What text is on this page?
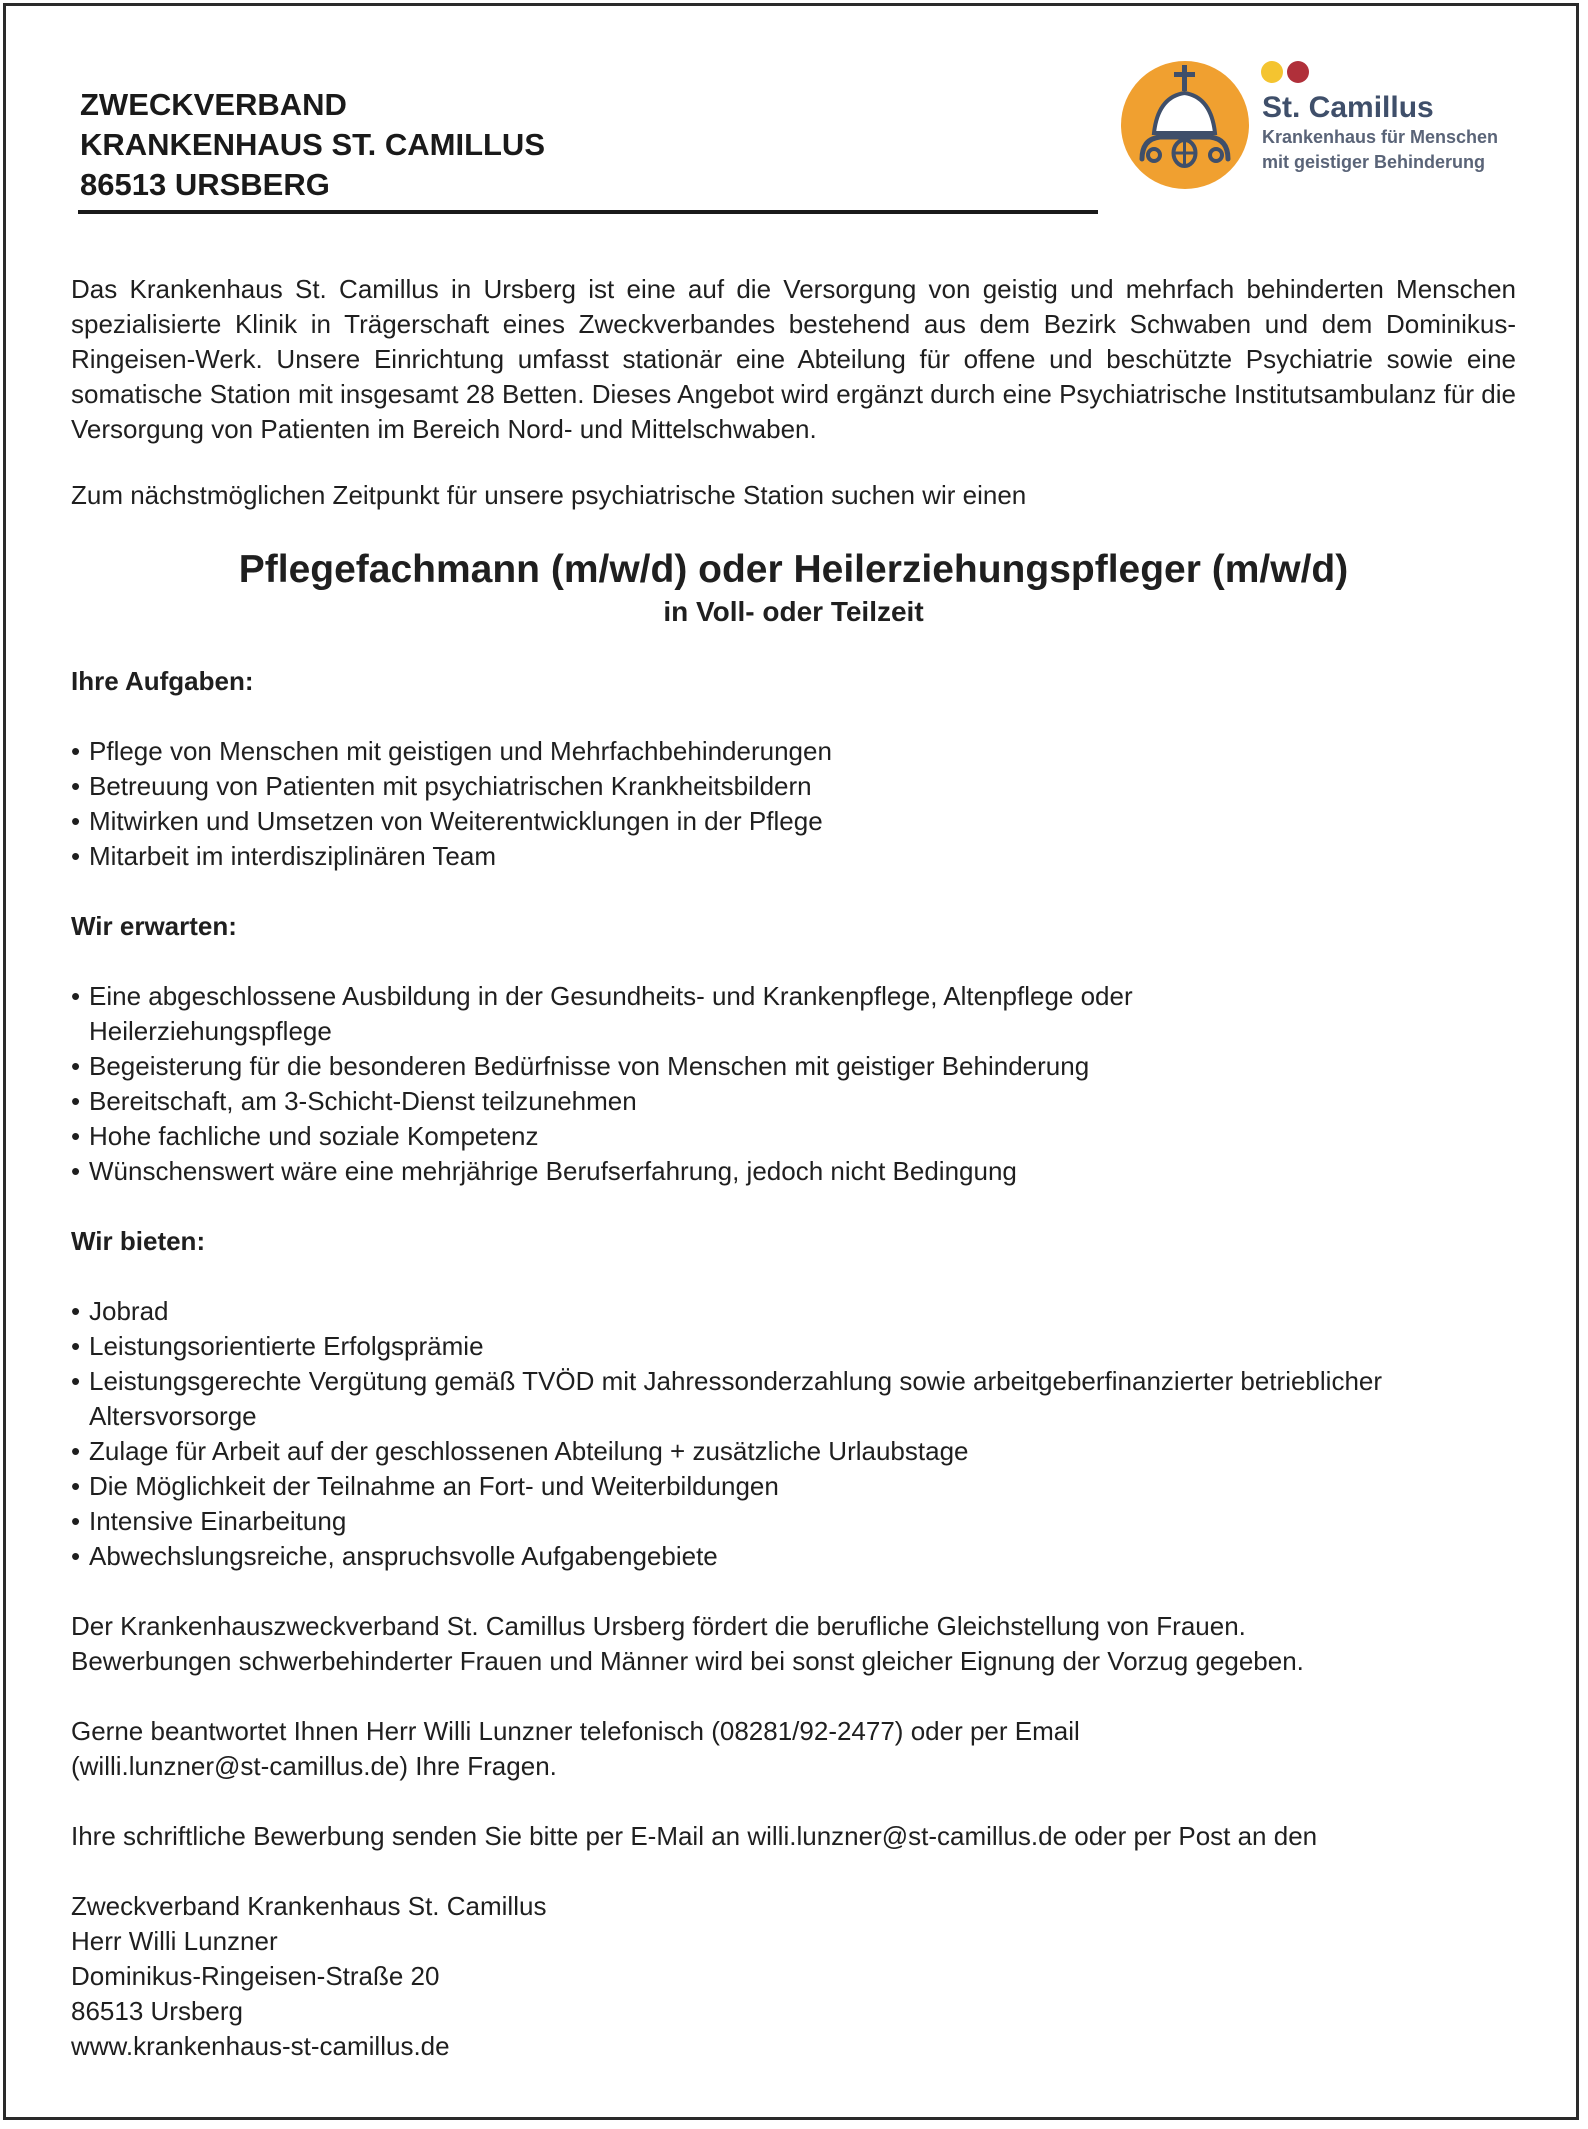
ZWECKVERBAND
KRANKENHAUS ST. CAMILLUS
86513 URSBERG
St. Camillus
Krankenhaus für Menschen
mit geistiger Behinderung

Das Krankenhaus St. Camillus in Ursberg ist eine auf die Versorgung von geistig und mehrfach behinderten Menschen spezialisierte Klinik in Trägerschaft eines Zweckverbandes bestehend aus dem Bezirk Schwaben und dem Dominikus-Ringeisen-Werk. Unsere Einrichtung umfasst stationär eine Abteilung für offene und beschützte Psychiatrie sowie eine somatische Station mit insgesamt 28 Betten. Dieses Angebot wird ergänzt durch eine Psychiatrische Institutsambulanz für die Versorgung von Patienten im Bereich Nord- und Mittelschwaben.

Zum nächstmöglichen Zeitpunkt für unsere psychiatrische Station suchen wir einen

Pflegefachmann (m/w/d) oder Heilerziehungspfleger (m/w/d)

in Voll- oder Teilzeit

Ihre Aufgaben:

• Pflege von Menschen mit geistigen und Mehrfachbehinderungen
• Betreuung von Patienten mit psychiatrischen Krankheitsbildern
• Mitwirken und Umsetzen von Weiterentwicklungen in der Pflege
• Mitarbeit im interdisziplinären Team

Wir erwarten:

• Eine abgeschlossene Ausbildung in der Gesundheits- und Krankenpflege, Altenpflege oder Heilerziehungspflege
• Begeisterung für die besonderen Bedürfnisse von Menschen mit geistiger Behinderung
• Bereitschaft, am 3-Schicht-Dienst teilzunehmen
• Hohe fachliche und soziale Kompetenz
• Wünschenswert wäre eine mehrjährige Berufserfahrung, jedoch nicht Bedingung

Wir bieten:

• Jobrad
• Leistungsorientierte Erfolgsprämie
• Leistungsgerechte Vergütung gemäß TVÖD mit Jahressonderzahlung sowie arbeitgeberfinanzierter betrieblicher Altersvorsorge
• Zulage für Arbeit auf der geschlossenen Abteilung + zusätzliche Urlaubstage
• Die Möglichkeit der Teilnahme an Fort- und Weiterbildungen
• Intensive Einarbeitung
• Abwechslungsreiche, anspruchsvolle Aufgabengebiete

Der Krankenhauszweckverband St. Camillus Ursberg fördert die berufliche Gleichstellung von Frauen.

Bewerbungen schwerbehinderter Frauen und Männer wird bei sonst gleicher Eignung der Vorzug gegeben.

Gerne beantwortet Ihnen Herr Willi Lunzner telefonisch (08281/92-2477) oder per Email

(willi.lunzner@st-camillus.de) Ihre Fragen.

Ihre schriftliche Bewerbung senden Sie bitte per E-Mail an willi.lunzner@st-camillus.de oder per Post an den

Zweckverband Krankenhaus St. Camillus

Herr Willi Lunzner

Dominikus-Ringeisen-Straße 20

86513 Ursberg

www.krankenhaus-st-camillus.de
